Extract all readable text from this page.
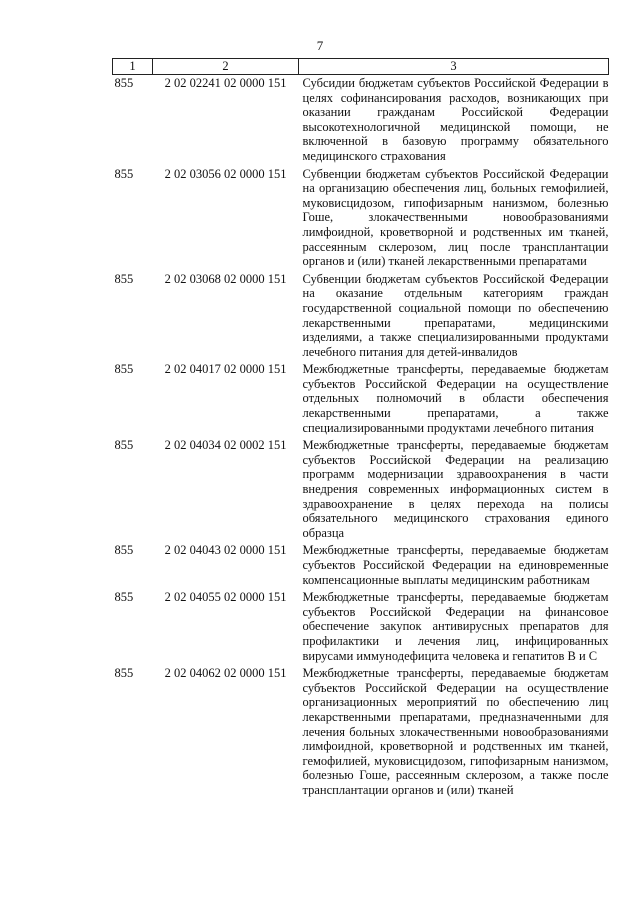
7
1	2	3
855	2 02 02241 02 0000 151	Субсидии бюджетам субъектов Российской Федерации в целях софинансирования расходов, возникающих при оказании гражданам Российской Федерации высокотехнологичной медицинской помощи, не включенной в базовую программу обязательного медицинского страхования
855	2 02 03056 02 0000 151	Субвенции бюджетам субъектов Российской Федерации на организацию обеспечения лиц, больных гемофилией, муковисцидозом, гипофизарным нанизмом, болезнью Гоше, злокачественными новообразованиями лимфоидной, кроветворной и родственных им тканей, рассеянным склерозом, лиц после трансплантации органов и (или) тканей лекарственными препаратами
855	2 02 03068 02 0000 151	Субвенции бюджетам субъектов Российской Федерации на оказание отдельным категориям граждан государственной социальной помощи по обеспечению лекарственными препаратами, медицинскими изделиями, а также специализированными продуктами лечебного питания для детей-инвалидов
855	2 02 04017 02 0000 151	Межбюджетные трансферты, передаваемые бюджетам субъектов Российской Федерации на осуществление отдельных полномочий в области обеспечения лекарственными препаратами, а также специализированными продуктами лечебного питания
855	2 02 04034 02 0002 151	Межбюджетные трансферты, передаваемые бюджетам субъектов Российской Федерации на реализацию программ модернизации здравоохранения в части внедрения современных информационных систем в здравоохранение в целях перехода на полисы обязательного медицинского страхования единого образца
855	2 02 04043 02 0000 151	Межбюджетные трансферты, передаваемые бюджетам субъектов Российской Федерации на единовременные компенсационные выплаты медицинским работникам
855	2 02 04055 02 0000 151	Межбюджетные трансферты, передаваемые бюджетам субъектов Российской Федерации на финансовое обеспечение закупок антивирусных препаратов для профилактики и лечения лиц, инфицированных вирусами иммунодефицита человека и гепатитов B и C
855	2 02 04062 02 0000 151	Межбюджетные трансферты, передаваемые бюджетам субъектов Российской Федерации на осуществление организационных мероприятий по обеспечению лиц лекарственными препаратами, предназначенными для лечения больных злокачественными новообразованиями лимфоидной, кроветворной и родственных им тканей, гемофилией, муковисцидозом, гипофизарным нанизмом, болезнью Гоше, рассеянным склерозом, а также после трансплантации органов и (или) тканей
